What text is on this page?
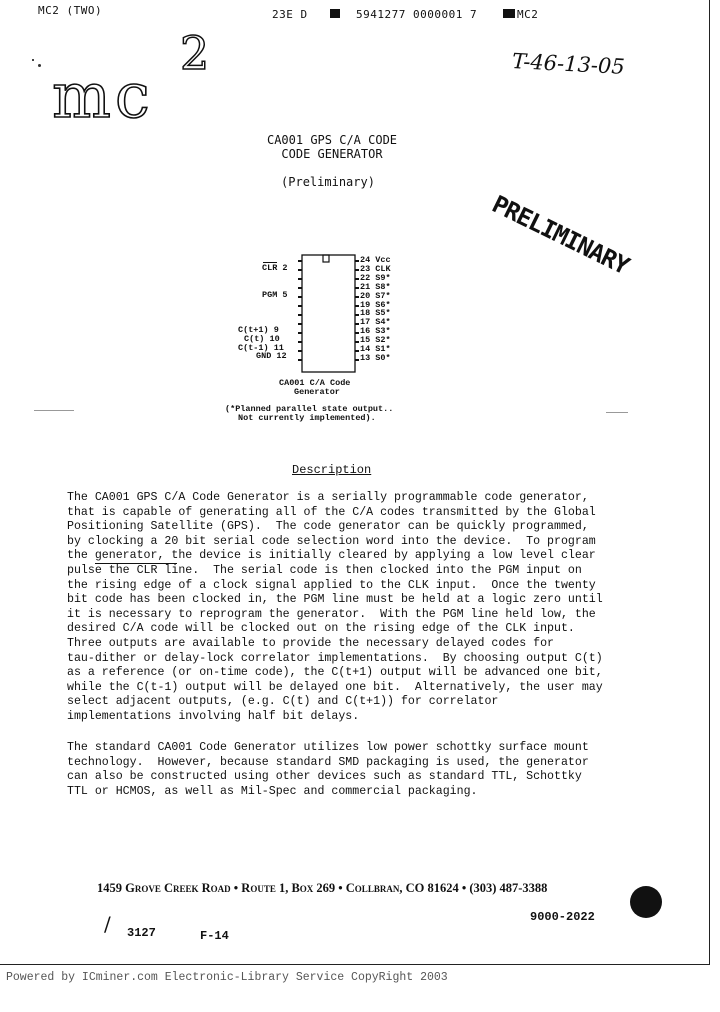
MC2 (TWO)	23E D	5941277 0000001 7	MC2
T-46-13-05

mc

2

CA001 GPS C/A CODE
CODE GENERATOR
(Preliminary)
PRELIMINARY
CLR 2
PGM 5
C(t+1) 9
C(t) 10
C(t-1) 11
GND 12
24 Vcc
23 CLK
22 S9*
21 S8*
20 S7*
19 S6*
18 S5*
17 S4*
16 S3*
15 S2*
14 S1*
13 S0*
CA001 C/A Code
Generator
(*Planned parallel state output..
Not currently implemented).
Description
The CA001 GPS C/A Code Generator is a serially programmable code generator,
that is capable of generating all of the C/A codes transmitted by the Global
Positioning Satellite (GPS).  The code generator can be quickly programmed,
by clocking a 20 bit serial code selection word into the device.  To program
the generator, the device is initially cleared by applying a low level clear
pulse the CLR line.  The serial code is then clocked into the PGM input on
the rising edge of a clock signal applied to the CLK input.  Once the twenty
bit code has been clocked in, the PGM line must be held at a logic zero until
it is necessary to reprogram the generator.  With the PGM line held low, the
desired C/A code will be clocked out on the rising edge of the CLK input.
Three outputs are available to provide the necessary delayed codes for
tau-dither or delay-lock correlator implementations.  By choosing output C(t)
as a reference (or on-time code), the C(t+1) output will be advanced one bit,
while the C(t-1) output will be delayed one bit.  Alternatively, the user may
select adjacent outputs, (e.g. C(t) and C(t+1)) for correlator
implementations involving half bit delays.
The standard CA001 Code Generator utilizes low power schottky surface mount
technology.  However, because standard SMD packaging is used, the generator
can also be constructed using other devices such as standard TTL, Schottky
TTL or HCMOS, as well as Mil-Spec and commercial packaging.
1459 Grove Creek Road • Route 1, Box 269 • Collbran, CO 81624 • (303) 487-3388
/ 3127	F-14
9000-2022
Powered by ICminer.com Electronic-Library Service CopyRight 2003
